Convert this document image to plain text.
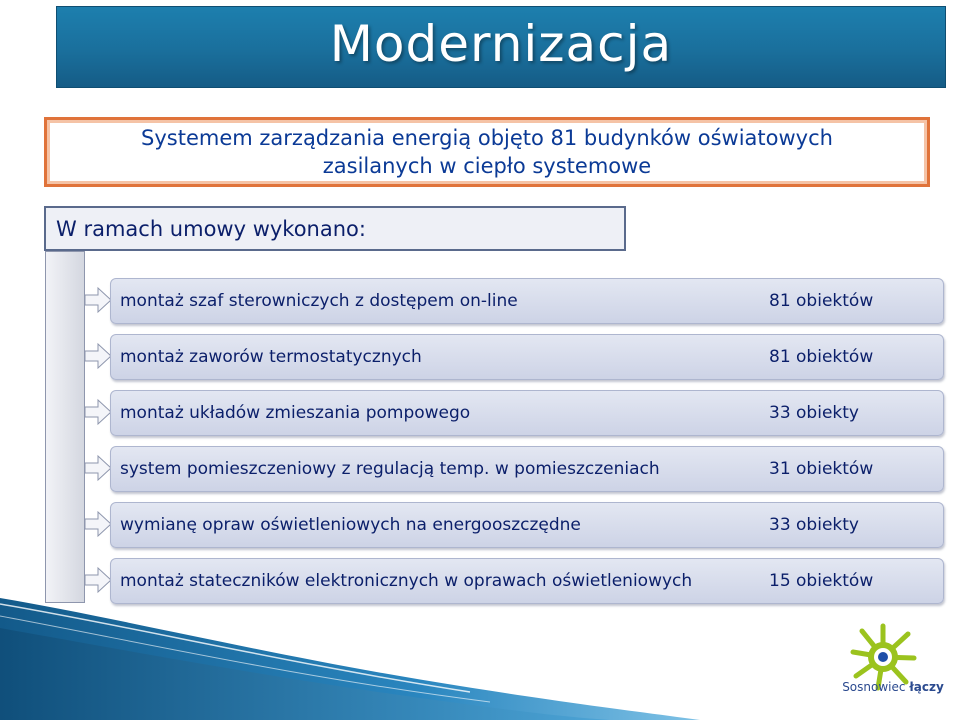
Modernizacja
Systemem zarządzania energią objęto 81 budynków oświatowych
zasilanych w ciepło systemowe
W ramach umowy wykonano:
montaż szaf sterowniczych z dostępem on-line	81 obiektów
montaż zaworów termostatycznych	81 obiektów
montaż układów zmieszania pompowego	33 obiekty
system pomieszczeniowy z regulacją temp. w pomieszczeniach	31 obiektów
wymianę opraw oświetleniowych na energooszczędne	33 obiekty
montaż stateczników elektronicznych w oprawach oświetleniowych	15 obiektów
Sosnowiec łączy
